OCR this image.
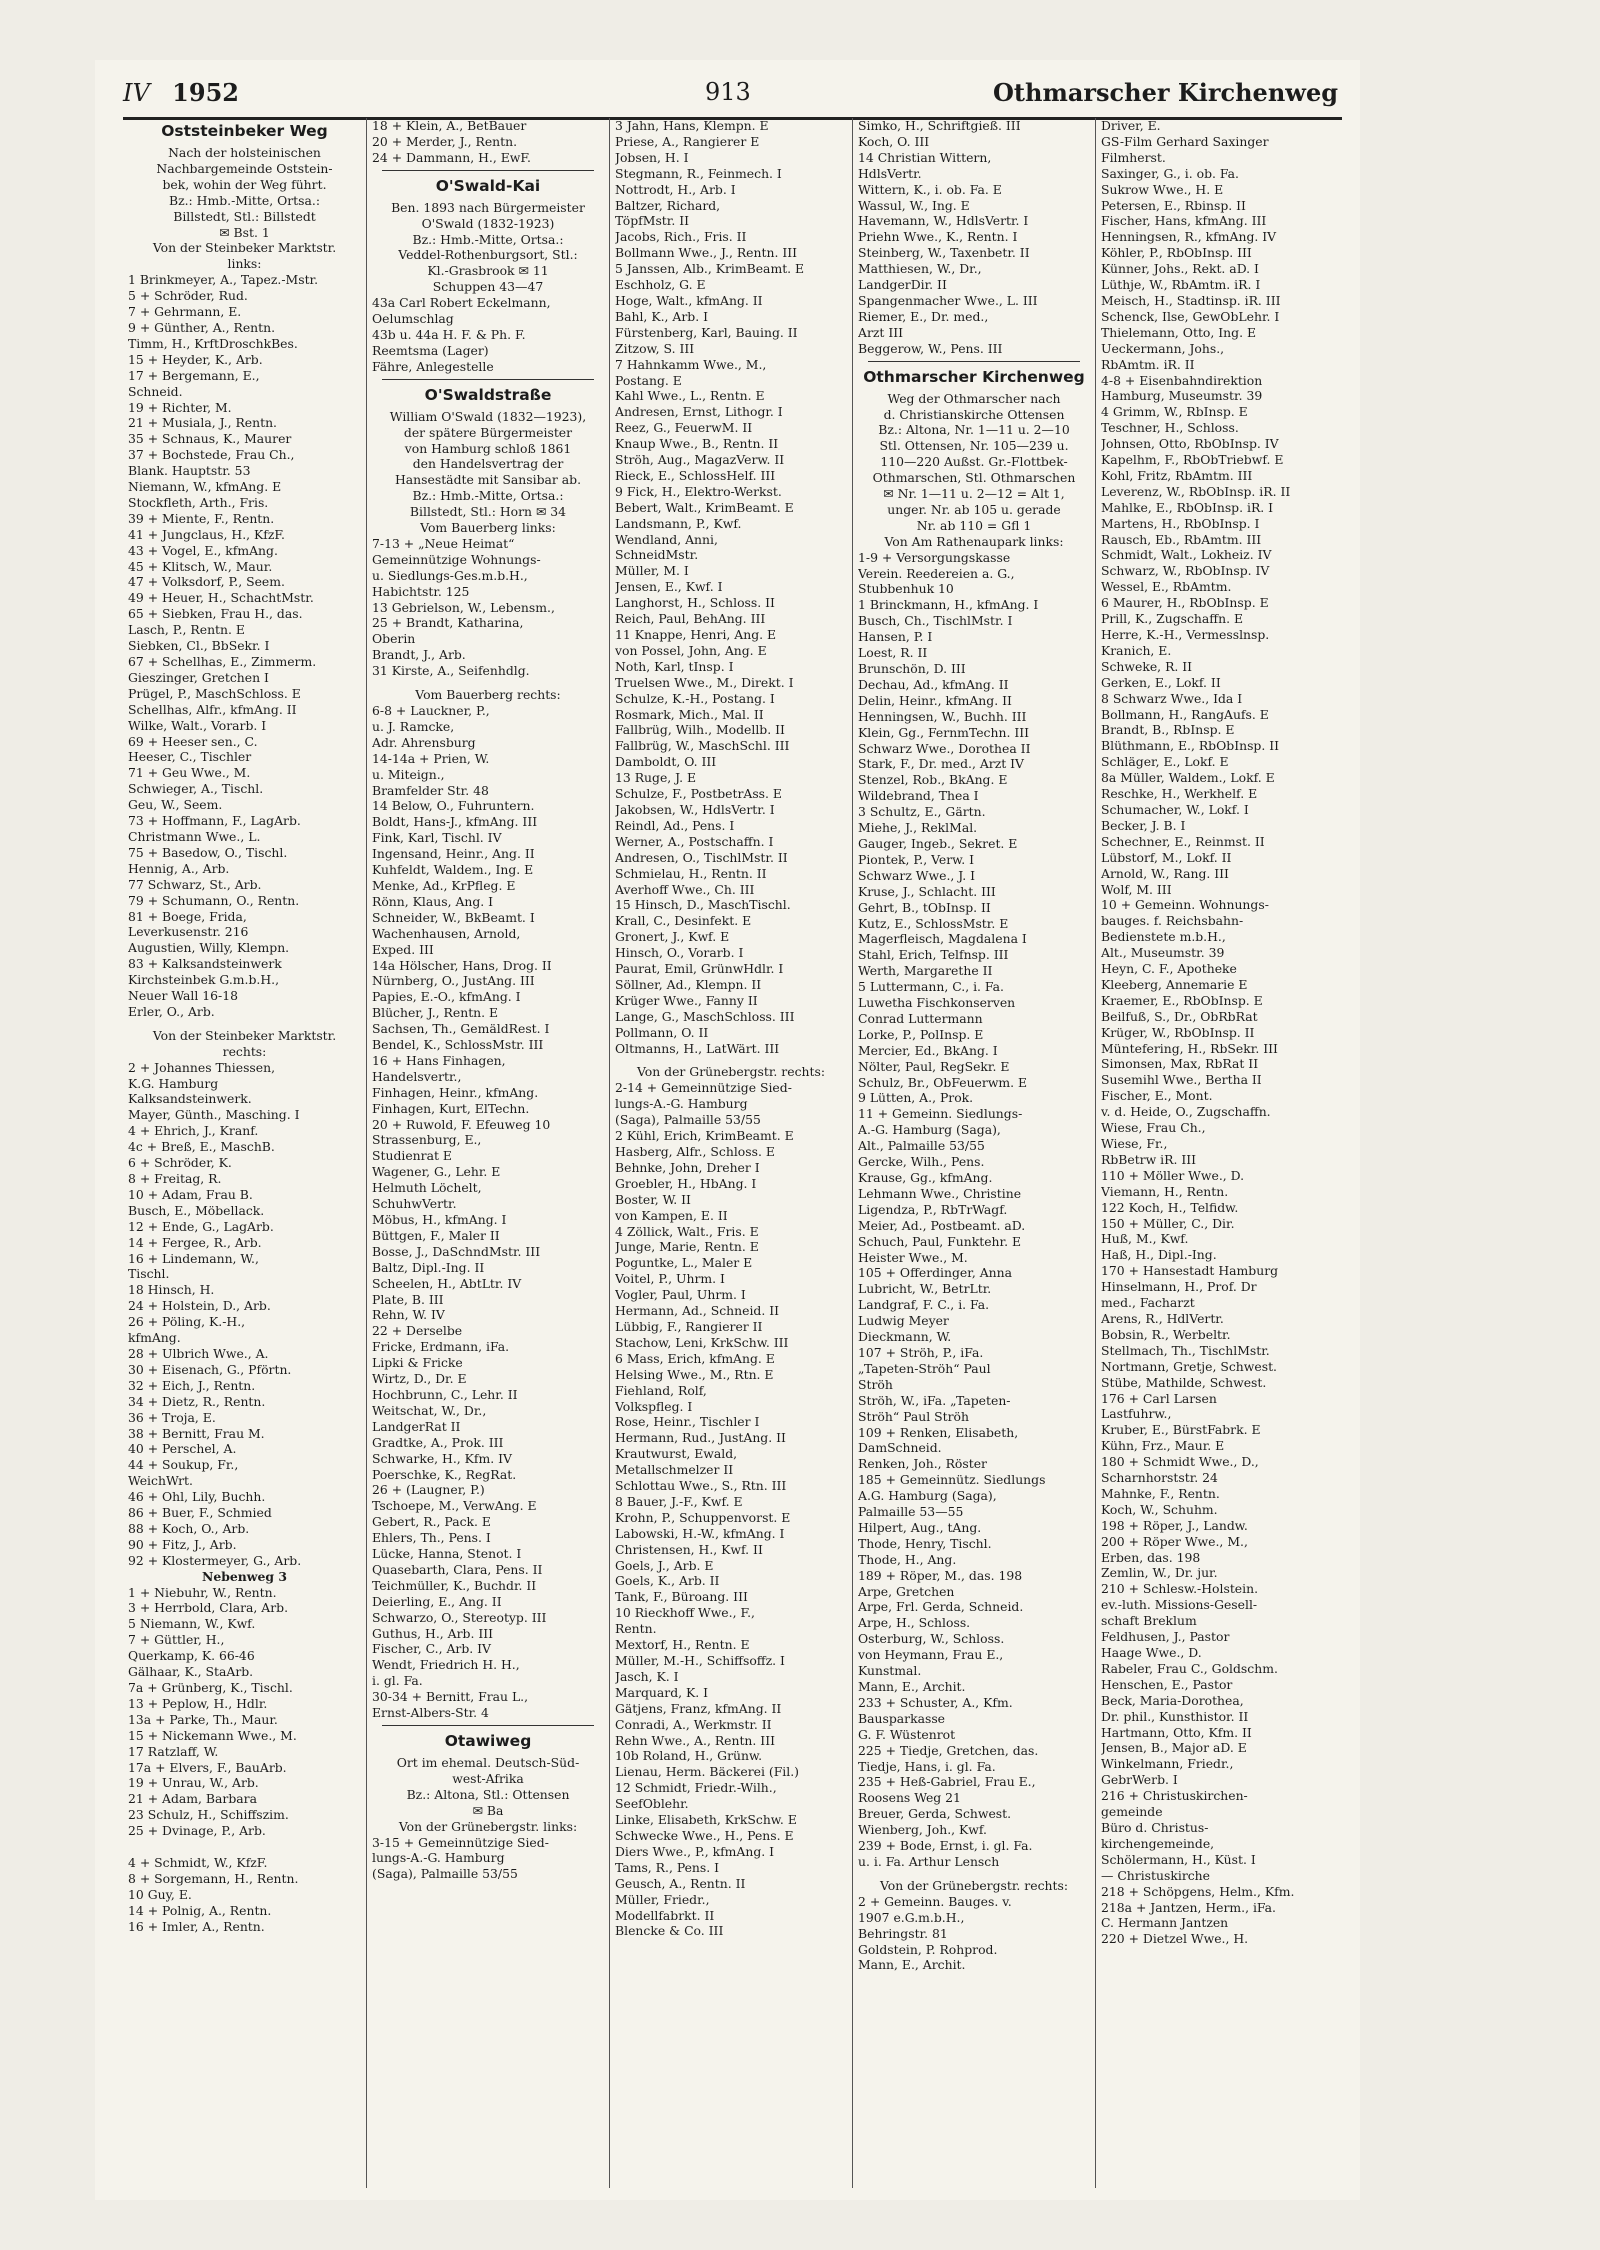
IV 1952	913	Othmarscher Kirchenweg
Oststeinbeker Weg
Nach der holsteinischen
Nachbargemeinde Oststein-
bek, wohin der Weg führt.
Bz.: Hmb.-Mitte, Ortsa.:
Billstedt, Stl.: Billstedt
✉ Bst. 1
Von der Steinbeker Marktstr.
links:
1 Brinkmeyer, A., Tapez.-Mstr.
5 + Schröder, Rud.
7 + Gehrmann, E.
9 + Günther, A., Rentn.
Timm, H., KrftDroschkBes.
15 + Heyder, K., Arb.
17 + Bergemann, E.,
Schneid.
19 + Richter, M.
21 + Musiala, J., Rentn.
35 + Schnaus, K., Maurer
37 + Bochstede, Frau Ch.,
Blank. Hauptstr. 53
Niemann, W., kfmAng. E
Stockfleth, Arth., Fris.
39 + Miente, F., Rentn.
41 + Jungclaus, H., KfzF.
43 + Vogel, E., kfmAng.
45 + Klitsch, W., Maur.
47 + Volksdorf, P., Seem.
49 + Heuer, H., SchachtMstr.
65 + Siebken, Frau H., das.
Lasch, P., Rentn. E
Siebken, Cl., BbSekr. I
67 + Schellhas, E., Zimmerm.
Gieszinger, Gretchen I
Prügel, P., MaschSchloss. E
Schellhas, Alfr., kfmAng. II
Wilke, Walt., Vorarb. I
69 + Heeser sen., C.
Heeser, C., Tischler
71 + Geu Wwe., M.
Schwieger, A., Tischl.
Geu, W., Seem.
73 + Hoffmann, F., LagArb.
Christmann Wwe., L.
75 + Basedow, O., Tischl.
Hennig, A., Arb.
77 Schwarz, St., Arb.
79 + Schumann, O., Rentn.
81 + Boege, Frida,
Leverkusenstr. 216
Augustien, Willy, Klempn.
83 + Kalksandsteinwerk
Kirchsteinbek G.m.b.H.,
Neuer Wall 16-18
Erler, O., Arb.
Von der Steinbeker Marktstr.
rechts:
2 + Johannes Thiessen,
K.G. Hamburg
Kalksandsteinwerk.
Mayer, Günth., Masching. I
4 + Ehrich, J., Kranf.
4c + Breß, E., MaschB.
6 + Schröder, K.
8 + Freitag, R.
10 + Adam, Frau B.
Busch, E., Möbellack.
12 + Ende, G., LagArb.
14 + Fergee, R., Arb.
16 + Lindemann, W.,
Tischl.
18 Hinsch, H.
24 + Holstein, D., Arb.
26 + Pöling, K.-H.,
kfmAng.
28 + Ulbrich Wwe., A.
30 + Eisenach, G., Pförtn.
32 + Eich, J., Rentn.
34 + Dietz, R., Rentn.
36 + Troja, E.
38 + Bernitt, Frau M.
40 + Perschel, A.
44 + Soukup, Fr.,
WeichWrt.
46 + Ohl, Lily, Buchh.
86 + Buer, F., Schmied
88 + Koch, O., Arb.
90 + Fitz, J., Arb.
92 + Klostermeyer, G., Arb.
Nebenweg 3
1 + Niebuhr, W., Rentn.
3 + Herrbold, Clara, Arb.
5 Niemann, W., Kwf.
7 + Güttler, H.,
Querkamp, K. 66-46
Gälhaar, K., StaArb.
7a + Grünberg, K., Tischl.
13 + Peplow, H., Hdlr.
13a + Parke, Th., Maur.
15 + Nickemann Wwe., M.
17 Ratzlaff, W.
17a + Elvers, F., BauArb.
19 + Unrau, W., Arb.
21 + Adam, Barbara
23 Schulz, H., Schiffszim.
25 + Dvinage, P., Arb.
4 + Schmidt, W., KfzF.
8 + Sorgemann, H., Rentn.
10 Guy, E.
14 + Polnig, A., Rentn.
16 + Imler, A., Rentn.
18 + Klein, A., BetBauer
20 + Merder, J., Rentn.
24 + Dammann, H., EwF.
O'Swald-Kai
Ben. 1893 nach Bürgermeister
O'Swald (1832-1923)
Bz.: Hmb.-Mitte, Ortsa.:
Veddel-Rothenburgsort, Stl.:
Kl.-Grasbrook ✉ 11
Schuppen 43—47
43a Carl Robert Eckelmann,
Oelumschlag
43b u. 44a H. F. & Ph. F.
Reemtsma (Lager)
Fähre, Anlegestelle
O'Swaldstraße
William O'Swald (1832—1923),
der spätere Bürgermeister
von Hamburg schloß 1861
den Handelsvertrag der
Hansestädte mit Sansibar ab.
Bz.: Hmb.-Mitte, Ortsa.:
Billstedt, Stl.: Horn ✉ 34
Vom Bauerberg links:
7-13 + „Neue Heimat“
Gemeinnützige Wohnungs-
u. Siedlungs-Ges.m.b.H.,
Habichtstr. 125
13 Gebrielson, W., Lebensm.,
25 + Brandt, Katharina,
Oberin
Brandt, J., Arb.
31 Kirste, A., Seifenhdlg.
Vom Bauerberg rechts:
6-8 + Lauckner, P.,
u. J. Ramcke,
Adr. Ahrensburg
14-14a + Prien, W.
u. Miteign.,
Bramfelder Str. 48
14 Below, O., Fuhruntern.
Boldt, Hans-J., kfmAng. III
Fink, Karl, Tischl. IV
Ingensand, Heinr., Ang. II
Kuhfeldt, Waldem., Ing. E
Menke, Ad., KrPfleg. E
Rönn, Klaus, Ang. I
Schneider, W., BkBeamt. I
Wachenhausen, Arnold,
Exped. III
14a Hölscher, Hans, Drog. II
Nürnberg, O., JustAng. III
Papies, E.-O., kfmAng. I
Blücher, J., Rentn. E
Sachsen, Th., GemäldRest. I
Bendel, K., SchlossMstr. III
16 + Hans Finhagen,
Handelsvertr.,
Finhagen, Heinr., kfmAng.
Finhagen, Kurt, ElTechn.
20 + Ruwold, F. Efeuweg 10
Strassenburg, E.,
Studienrat E
Wagener, G., Lehr. E
Helmuth Löchelt,
SchuhwVertr.
Möbus, H., kfmAng. I
Büttgen, F., Maler II
Bosse, J., DaSchndMstr. III
Baltz, Dipl.-Ing. II
Scheelen, H., AbtLtr. IV
Plate, B. III
Rehn, W. IV
22 + Derselbe
Fricke, Erdmann, iFa.
Lipki & Fricke
Wirtz, D., Dr. E
Hochbrunn, C., Lehr. II
Weitschat, W., Dr.,
LandgerRat II
Gradtke, A., Prok. III
Schwarke, H., Kfm. IV
Poerschke, K., RegRat.
26 + (Laugner, P.)
Tschoepe, M., VerwAng. E
Gebert, R., Pack. E
Ehlers, Th., Pens. I
Lücke, Hanna, Stenot. I
Quasebarth, Clara, Pens. II
Teichmüller, K., Buchdr. II
Deierling, E., Ang. II
Schwarzo, O., Stereotyp. III
Guthus, H., Arb. III
Fischer, C., Arb. IV
Wendt, Friedrich H. H.,
i. gl. Fa.
30-34 + Bernitt, Frau L.,
Ernst-Albers-Str. 4
Otawiweg
Ort im ehemal. Deutsch-Süd-
west-Afrika
Bz.: Altona, Stl.: Ottensen
✉ Ba
Von der Grünebergstr. links:
3-15 + Gemeinnützige Sied-
lungs-A.-G. Hamburg
(Saga), Palmaille 53/55
3 Jahn, Hans, Klempn. E
Priese, A., Rangierer E
Jobsen, H. I
Stegmann, R., Feinmech. I
Nottrodt, H., Arb. I
Baltzer, Richard,
TöpfMstr. II
Jacobs, Rich., Fris. II
Bollmann Wwe., J., Rentn. III
5 Janssen, Alb., KrimBeamt. E
Eschholz, G. E
Hoge, Walt., kfmAng. II
Bahl, K., Arb. I
Fürstenberg, Karl, Bauing. II
Zitzow, S. III
7 Hahnkamm Wwe., M.,
Postang. E
Kahl Wwe., L., Rentn. E
Andresen, Ernst, Lithogr. I
Reez, G., FeuerwM. II
Knaup Wwe., B., Rentn. II
Ströh, Aug., MagazVerw. II
Rieck, E., SchlossHelf. III
9 Fick, H., Elektro-Werkst.
Bebert, Walt., KrimBeamt. E
Landsmann, P., Kwf.
Wendland, Anni,
SchneidMstr.
Müller, M. I
Jensen, E., Kwf. I
Langhorst, H., Schloss. II
Reich, Paul, BehAng. III
11 Knappe, Henri, Ang. E
von Possel, John, Ang. E
Noth, Karl, tInsp. I
Truelsen Wwe., M., Direkt. I
Schulze, K.-H., Postang. I
Rosmark, Mich., Mal. II
Fallbrüg, Wilh., Modellb. II
Fallbrüg, W., MaschSchl. III
Damboldt, O. III
13 Ruge, J. E
Schulze, F., PostbetrAss. E
Jakobsen, W., HdlsVertr. I
Reindl, Ad., Pens. I
Werner, A., Postschaffn. I
Andresen, O., TischlMstr. II
Schmielau, H., Rentn. II
Averhoff Wwe., Ch. III
15 Hinsch, D., MaschTischl.
Krall, C., Desinfekt. E
Gronert, J., Kwf. E
Hinsch, O., Vorarb. I
Paurat, Emil, GrünwHdlr. I
Söllner, Ad., Klempn. II
Krüger Wwe., Fanny II
Lange, G., MaschSchloss. III
Pollmann, O. II
Oltmanns, H., LatWärt. III
Von der Grünebergstr. rechts:
2-14 + Gemeinnützige Sied-
lungs-A.-G. Hamburg
(Saga), Palmaille 53/55
2 Kühl, Erich, KrimBeamt. E
Hasberg, Alfr., Schloss. E
Behnke, John, Dreher I
Groebler, H., HbAng. I
Boster, W. II
von Kampen, E. II
4 Zöllick, Walt., Fris. E
Junge, Marie, Rentn. E
Poguntke, L., Maler E
Voitel, P., Uhrm. I
Vogler, Paul, Uhrm. I
Hermann, Ad., Schneid. II
Lübbig, F., Rangierer II
Stachow, Leni, KrkSchw. III
6 Mass, Erich, kfmAng. E
Helsing Wwe., M., Rtn. E
Fiehland, Rolf,
Volkspfleg. I
Rose, Heinr., Tischler I
Hermann, Rud., JustAng. II
Krautwurst, Ewald,
Metallschmelzer II
Schlottau Wwe., S., Rtn. III
8 Bauer, J.-F., Kwf. E
Krohn, P., Schuppenvorst. E
Labowski, H.-W., kfmAng. I
Christensen, H., Kwf. II
Goels, J., Arb. E
Goels, K., Arb. II
Tank, F., Büroang. III
10 Rieckhoff Wwe., F.,
Rentn.
Mextorf, H., Rentn. E
Müller, M.-H., Schiffsoffz. I
Jasch, K. I
Marquard, K. I
Gätjens, Franz, kfmAng. II
Conradi, A., Werkmstr. II
Rehn Wwe., A., Rentn. III
10b Roland, H., Grünw.
Lienau, Herm. Bäckerei (Fil.)
12 Schmidt, Friedr.-Wilh.,
SeefOblehr.
Linke, Elisabeth, KrkSchw. E
Schwecke Wwe., H., Pens. E
Diers Wwe., P., kfmAng. I
Tams, R., Pens. I
Geusch, A., Rentn. II
Müller, Friedr.,
Modellfabrkt. II
Blencke & Co. III
Simko, H., Schriftgieß. III
Koch, O. III
14 Christian Wittern,
HdlsVertr.
Wittern, K., i. ob. Fa. E
Wassul, W., Ing. E
Havemann, W., HdlsVertr. I
Priehn Wwe., K., Rentn. I
Steinberg, W., Taxenbetr. II
Matthiesen, W., Dr.,
LandgerDir. II
Spangenmacher Wwe., L. III
Riemer, E., Dr. med.,
Arzt III
Beggerow, W., Pens. III
Othmarscher Kirchenweg
Weg der Othmarscher nach
d. Christianskirche Ottensen
Bz.: Altona, Nr. 1—11 u. 2—10
Stl. Ottensen, Nr. 105—239 u.
110—220 Außst. Gr.-Flottbek-
Othmarschen, Stl. Othmarschen
✉ Nr. 1—11 u. 2—12 = Alt 1,
unger. Nr. ab 105 u. gerade
Nr. ab 110 = Gfl 1
Von Am Rathenaupark links:
1-9 + Versorgungskasse
Verein. Reedereien a. G.,
Stubbenhuk 10
1 Brinckmann, H., kfmAng. I
Busch, Ch., TischlMstr. I
Hansen, P. I
Loest, R. II
Brunschön, D. III
Dechau, Ad., kfmAng. II
Delin, Heinr., kfmAng. II
Henningsen, W., Buchh. III
Klein, Gg., FernmTechn. III
Schwarz Wwe., Dorothea II
Stark, F., Dr. med., Arzt IV
Stenzel, Rob., BkAng. E
Wildebrand, Thea I
3 Schultz, E., Gärtn.
Miehe, J., ReklMal.
Gauger, Ingeb., Sekret. E
Piontek, P., Verw. I
Schwarz Wwe., J. I
Kruse, J., Schlacht. III
Gehrt, B., tObInsp. II
Kutz, E., SchlossMstr. E
Magerfleisch, Magdalena I
Stahl, Erich, Telfnsp. III
Werth, Margarethe II
5 Luttermann, C., i. Fa.
Luwetha Fischkonserven
Conrad Luttermann
Lorke, P., PolInsp. E
Mercier, Ed., BkAng. I
Nölter, Paul, RegSekr. E
Schulz, Br., ObFeuerwm. E
9 Lütten, A., Prok.
11 + Gemeinn. Siedlungs-
A.-G. Hamburg (Saga),
Alt., Palmaille 53/55
Gercke, Wilh., Pens.
Krause, Gg., kfmAng.
Lehmann Wwe., Christine
Ligendza, P., RbTrWagf.
Meier, Ad., Postbeamt. aD.
Schuch, Paul, Funktehr. E
Heister Wwe., M.
105 + Offerdinger, Anna
Lubricht, W., BetrLtr.
Landgraf, F. C., i. Fa.
Ludwig Meyer
Dieckmann, W.
107 + Ströh, P., iFa.
„Tapeten-Ströh“ Paul
Ströh
Ströh, W., iFa. „Tapeten-
Ströh“ Paul Ströh
109 + Renken, Elisabeth,
DamSchneid.
Renken, Joh., Röster
185 + Gemeinnütz. Siedlungs
A.G. Hamburg (Saga),
Palmaille 53—55
Hilpert, Aug., tAng.
Thode, Henry, Tischl.
Thode, H., Ang.
189 + Röper, M., das. 198
Arpe, Gretchen
Arpe, Frl. Gerda, Schneid.
Arpe, H., Schloss.
Osterburg, W., Schloss.
von Heymann, Frau E.,
Kunstmal.
Mann, E., Archit.
233 + Schuster, A., Kfm.
Bausparkasse
G. F. Wüstenrot
225 + Tiedje, Gretchen, das.
Tiedje, Hans, i. gl. Fa.
235 + Heß-Gabriel, Frau E.,
Roosens Weg 21
Breuer, Gerda, Schwest.
Wienberg, Joh., Kwf.
239 + Bode, Ernst, i. gl. Fa.
u. i. Fa. Arthur Lensch
Von der Grünebergstr. rechts:
2 + Gemeinn. Bauges. v.
1907 e.G.m.b.H.,
Behringstr. 81
Goldstein, P. Rohprod.
Mann, E., Archit.
Driver, E.
GS-Film Gerhard Saxinger
Filmherst.
Saxinger, G., i. ob. Fa.
Sukrow Wwe., H. E
Petersen, E., Rbinsp. II
Fischer, Hans, kfmAng. III
Henningsen, R., kfmAng. IV
Köhler, P., RbObInsp. III
Künner, Johs., Rekt. aD. I
Lüthje, W., RbAmtm. iR. I
Meisch, H., Stadtinsp. iR. III
Schenck, Ilse, GewObLehr. I
Thielemann, Otto, Ing. E
Ueckermann, Johs.,
RbAmtm. iR. II
4-8 + Eisenbahndirektion
Hamburg, Museumstr. 39
4 Grimm, W., RbInsp. E
Teschner, H., Schloss.
Johnsen, Otto, RbObInsp. IV
Kapelhm, F., RbObTriebwf. E
Kohl, Fritz, RbAmtm. III
Leverenz, W., RbObInsp. iR. II
Mahlke, E., RbObInsp. iR. I
Martens, H., RbObInsp. I
Rausch, Eb., RbAmtm. III
Schmidt, Walt., Lokheiz. IV
Schwarz, W., RbObInsp. IV
Wessel, E., RbAmtm.
6 Maurer, H., RbObInsp. E
Prill, K., Zugschaffn. E
Herre, K.-H., Vermesslnsp.
Kranich, E.
Schweke, R. II
Gerken, E., Lokf. II
8 Schwarz Wwe., Ida I
Bollmann, H., RangAufs. E
Brandt, B., RbInsp. E
Blüthmann, E., RbObInsp. II
Schläger, E., Lokf. E
8a Müller, Waldem., Lokf. E
Reschke, H., Werkhelf. E
Schumacher, W., Lokf. I
Becker, J. B. I
Schechner, E., Reinmst. II
Lübstorf, M., Lokf. II
Arnold, W., Rang. III
Wolf, M. III
10 + Gemeinn. Wohnungs-
bauges. f. Reichsbahn-
Bedienstete m.b.H.,
Alt., Museumstr. 39
Heyn, C. F., Apotheke
Kleeberg, Annemarie E
Kraemer, E., RbObInsp. E
Beilfuß, S., Dr., ObRbRat
Krüger, W., RbObInsp. II
Müntefering, H., RbSekr. III
Simonsen, Max, RbRat II
Susemihl Wwe., Bertha II
Fischer, E., Mont.
v. d. Heide, O., Zugschaffn.
Wiese, Frau Ch.,
Wiese, Fr.,
RbBetrw iR. III
110 + Möller Wwe., D.
Viemann, H., Rentn.
122 Koch, H., Telfidw.
150 + Müller, C., Dir.
Huß, M., Kwf.
Haß, H., Dipl.-Ing.
170 + Hansestadt Hamburg
Hinselmann, H., Prof. Dr
med., Facharzt
Arens, R., HdlVertr.
Bobsin, R., Werbeltr.
Stellmach, Th., TischlMstr.
Nortmann, Gretje, Schwest.
Stübe, Mathilde, Schwest.
176 + Carl Larsen
Lastfuhrw.,
Kruber, E., BürstFabrk. E
Kühn, Frz., Maur. E
180 + Schmidt Wwe., D.,
Scharnhorststr. 24
Mahnke, F., Rentn.
Koch, W., Schuhm.
198 + Röper, J., Landw.
200 + Röper Wwe., M.,
Erben, das. 198
Zemlin, W., Dr. jur.
210 + Schlesw.-Holstein.
ev.-luth. Missions-Gesell-
schaft Breklum
Feldhusen, J., Pastor
Haage Wwe., D.
Rabeler, Frau C., Goldschm.
Henschen, E., Pastor
Beck, Maria-Dorothea,
Dr. phil., Kunsthistor. II
Hartmann, Otto, Kfm. II
Jensen, B., Major aD. E
Winkelmann, Friedr.,
GebrWerb. I
216 + Christuskirchen-
gemeinde
Büro d. Christus-
kirchengemeinde,
Schölermann, H., Küst. I
— Christuskirche
218 + Schöpgens, Helm., Kfm.
218a + Jantzen, Herm., iFa.
C. Hermann Jantzen
220 + Dietzel Wwe., H.
